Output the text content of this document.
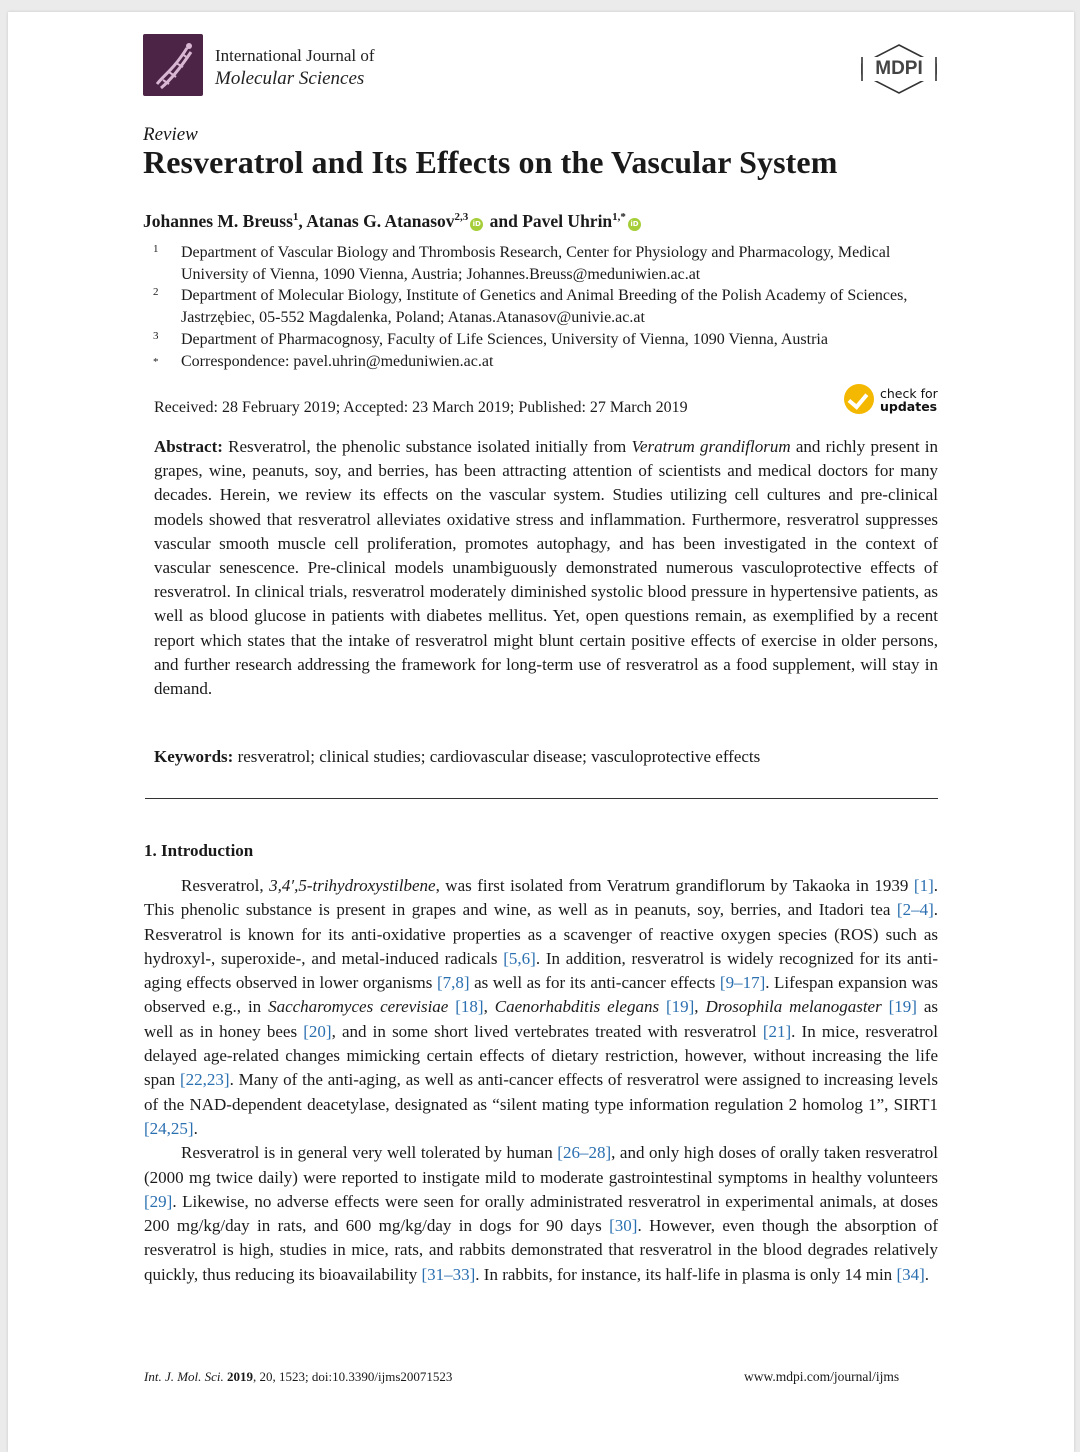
International Journal of
Molecular Sciences	MDPI
Review
Resveratrol and Its Effects on the Vascular System
Johannes M. Breuss$^1$, Atanas G. Atanasov$^{2,3}$iD and Pavel Uhrin$^{1,*}$iD
1 Department of Vascular Biology and Thrombosis Research, Center for Physiology and Pharmacology, Medical University of Vienna, 1090 Vienna, Austria; Johannes.Breuss@meduniwien.ac.at
2 Department of Molecular Biology, Institute of Genetics and Animal Breeding of the Polish Academy of Sciences, Jastrzębiec, 05-552 Magdalenka, Poland; Atanas.Atanasov@univie.ac.at
3 Department of Pharmacognosy, Faculty of Life Sciences, University of Vienna, 1090 Vienna, Austria
* Correspondence: pavel.uhrin@meduniwien.ac.at
Received: 28 February 2019; Accepted: 23 March 2019; Published: 27 March 2019
check for
updates
Abstract: Resveratrol, the phenolic substance isolated initially from Veratrum grandiflorum and richly present in grapes, wine, peanuts, soy, and berries, has been attracting attention of scientists and medical doctors for many decades. Herein, we review its effects on the vascular system. Studies utilizing cell cultures and pre-clinical models showed that resveratrol alleviates oxidative stress and inflammation. Furthermore, resveratrol suppresses vascular smooth muscle cell proliferation, promotes autophagy, and has been investigated in the context of vascular senescence. Pre-clinical models unambiguously demonstrated numerous vasculoprotective effects of resveratrol. In clinical trials, resveratrol moderately diminished systolic blood pressure in hypertensive patients, as well as blood glucose in patients with diabetes mellitus. Yet, open questions remain, as exemplified by a recent report which states that the intake of resveratrol might blunt certain positive effects of exercise in older persons, and further research addressing the framework for long-term use of resveratrol as a food supplement, will stay in demand.
Keywords: resveratrol; clinical studies; cardiovascular disease; vasculoprotective effects
1. Introduction

Resveratrol, 3,4′,5-trihydroxystilbene, was first isolated from Veratrum grandiflorum by Takaoka in 1939 [1]. This phenolic substance is present in grapes and wine, as well as in peanuts, soy, berries, and Itadori tea [2–4]. Resveratrol is known for its anti-oxidative properties as a scavenger of reactive oxygen species (ROS) such as hydroxyl-, superoxide-, and metal-induced radicals [5,6]. In addition, resveratrol is widely recognized for its anti-aging effects observed in lower organisms [7,8] as well as for its anti-cancer effects [9–17]. Lifespan expansion was observed e.g., in Saccharomyces cerevisiae [18], Caenorhabditis elegans [19], Drosophila melanogaster [19] as well as in honey bees [20], and in some short lived vertebrates treated with resveratrol [21]. In mice, resveratrol delayed age-related changes mimicking certain effects of dietary restriction, however, without increasing the life span [22,23]. Many of the anti-aging, as well as anti-cancer effects of resveratrol were assigned to increasing levels of the NAD-dependent deacetylase, designated as “silent mating type information regulation 2 homolog 1”, SIRT1 [24,25].

Resveratrol is in general very well tolerated by human [26–28], and only high doses of orally taken resveratrol (2000 mg twice daily) were reported to instigate mild to moderate gastrointestinal symptoms in healthy volunteers [29]. Likewise, no adverse effects were seen for orally administrated resveratrol in experimental animals, at doses 200 mg/kg/day in rats, and 600 mg/kg/day in dogs for 90 days [30]. However, even though the absorption of resveratrol is high, studies in mice, rats, and rabbits demonstrated that resveratrol in the blood degrades relatively quickly, thus reducing its bioavailability [31–33]. In rabbits, for instance, its half-life in plasma is only 14 min [34].

Int. J. Mol. Sci. 2019, 20, 1523; doi:10.3390/ijms20071523	www.mdpi.com/journal/ijms
